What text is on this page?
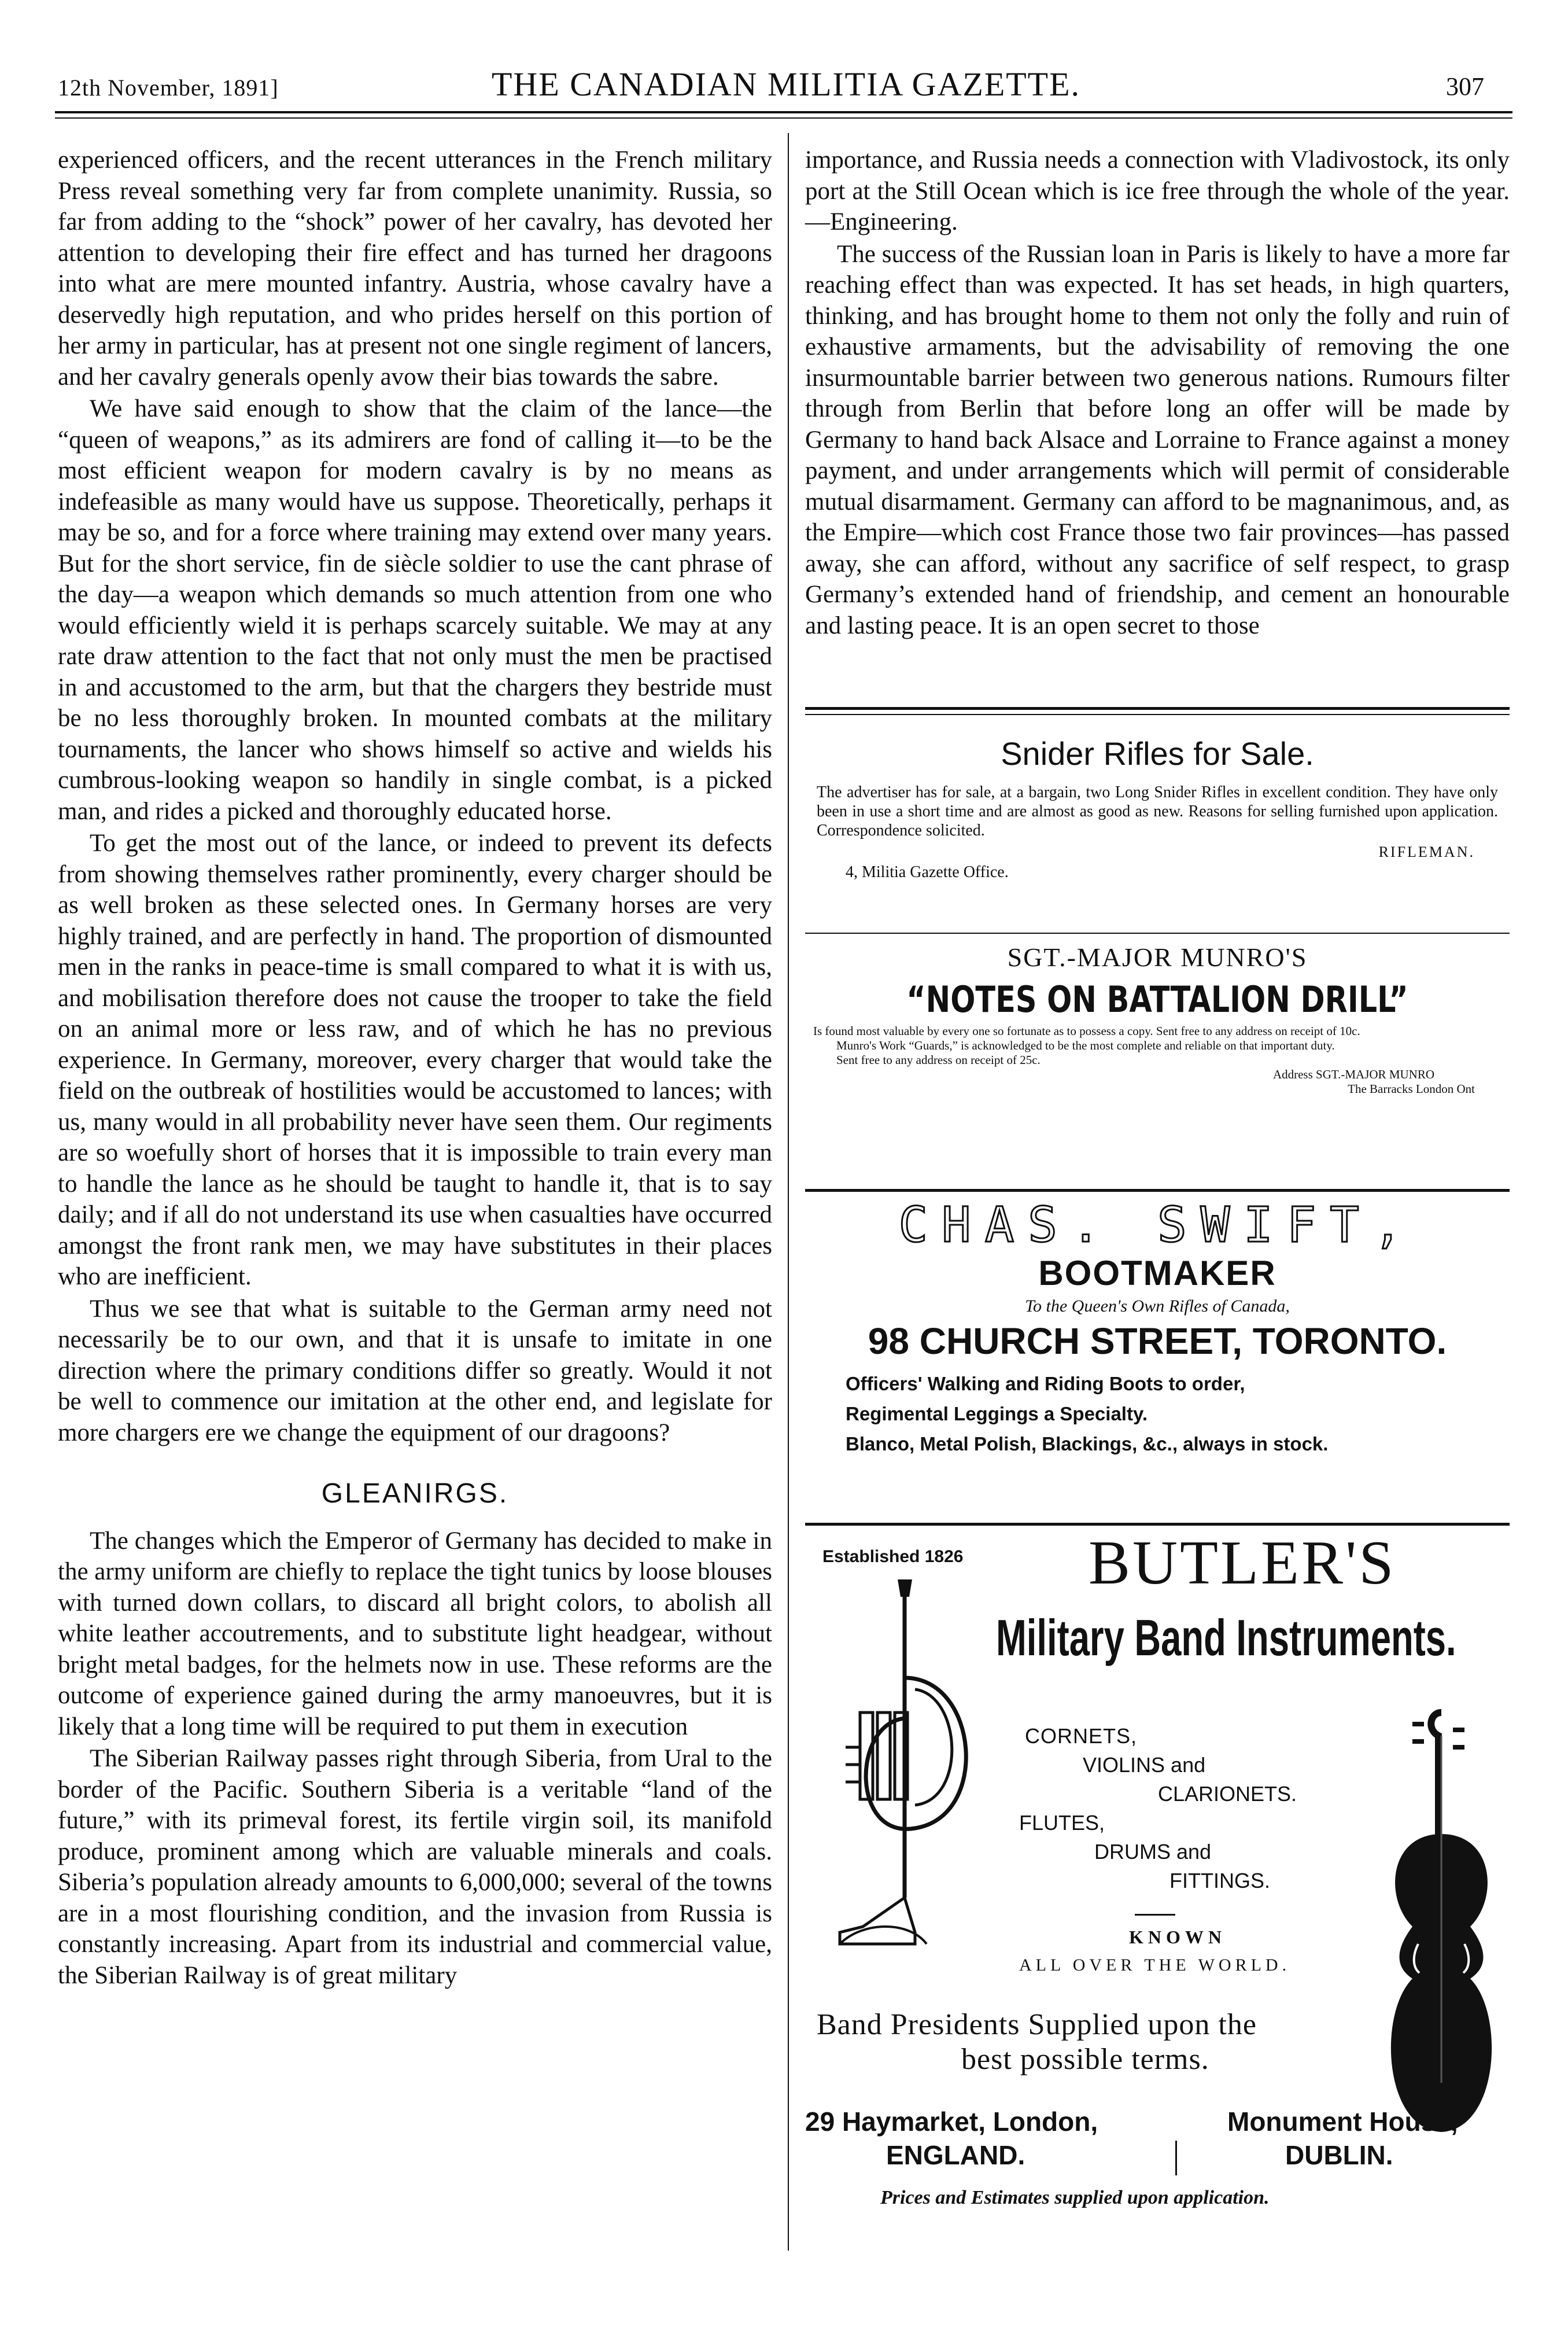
12th November, 1891]	THE CANADIAN MILITIA GAZETTE.	307

experienced officers, and the recent utterances in the French military Press reveal something very far from complete unanimity. Russia, so far from adding to the “shock” power of her cavalry, has devoted her attention to developing their fire effect and has turned her dragoons into what are mere mounted infantry. Austria, whose cavalry have a deservedly high reputation, and who prides herself on this portion of her army in particular, has at present not one single regiment of lancers, and her cavalry generals openly avow their bias towards the sabre.

We have said enough to show that the claim of the lance—the “queen of weapons,” as its admirers are fond of calling it—to be the most efficient weapon for modern cavalry is by no means as indefeasible as many would have us suppose. Theoretically, perhaps it may be so, and for a force where training may extend over many years. But for the short service, fin de siècle soldier to use the cant phrase of the day—a weapon which demands so much attention from one who would efficiently wield it is perhaps scarcely suitable. We may at any rate draw attention to the fact that not only must the men be practised in and accustomed to the arm, but that the chargers they bestride must be no less thoroughly broken. In mounted combats at the military tournaments, the lancer who shows himself so active and wields his cumbrous-looking weapon so handily in single combat, is a picked man, and rides a picked and thoroughly educated horse.

To get the most out of the lance, or indeed to prevent its defects from showing themselves rather prominently, every charger should be as well broken as these selected ones. In Germany horses are very highly trained, and are perfectly in hand. The proportion of dismounted men in the ranks in peace-time is small compared to what it is with us, and mobilisation therefore does not cause the trooper to take the field on an animal more or less raw, and of which he has no previous experience. In Germany, moreover, every charger that would take the field on the outbreak of hostilities would be accustomed to lances; with us, many would in all probability never have seen them. Our regiments are so woefully short of horses that it is impossible to train every man to handle the lance as he should be taught to handle it, that is to say daily; and if all do not understand its use when casualties have occurred amongst the front rank men, we may have substitutes in their places who are inefficient.

Thus we see that what is suitable to the German army need not necessarily be to our own, and that it is unsafe to imitate in one direction where the primary conditions differ so greatly. Would it not be well to commence our imitation at the other end, and legislate for more chargers ere we change the equipment of our dragoons?

GLEANIRGS.

The changes which the Emperor of Germany has decided to make in the army uniform are chiefly to replace the tight tunics by loose blouses with turned down collars, to discard all bright colors, to abolish all white leather accoutrements, and to substitute light headgear, without bright metal badges, for the helmets now in use. These reforms are the outcome of experience gained during the army manoeuvres, but it is likely that a long time will be required to put them in execution

The Siberian Railway passes right through Siberia, from Ural to the border of the Pacific. Southern Siberia is a veritable “land of the future,” with its primeval forest, its fertile virgin soil, its manifold produce, prominent among which are valuable minerals and coals. Siberia’s population already amounts to 6,000,000; several of the towns are in a most flourishing condition, and the invasion from Russia is constantly increasing. Apart from its industrial and commercial value, the Siberian Railway is of great military

importance, and Russia needs a connection with Vladivostock, its only port at the Still Ocean which is ice free through the whole of the year.—Engineering.

The success of the Russian loan in Paris is likely to have a more far reaching effect than was expected. It has set heads, in high quarters, thinking, and has brought home to them not only the folly and ruin of exhaustive armaments, but the advisability of removing the one insurmountable barrier between two generous nations. Rumours filter through from Berlin that before long an offer will be made by Germany to hand back Alsace and Lorraine to France against a money payment, and under arrangements which will permit of considerable mutual disarmament. Germany can afford to be magnanimous, and, as the Empire—which cost France those two fair provinces—has passed away, she can afford, without any sacrifice of self respect, to grasp Germany’s extended hand of friendship, and cement an honourable and lasting peace. It is an open secret to those

Snider Rifles for Sale.
The advertiser has for sale, at a bargain, two Long Snider Rifles in excellent condition. They have only been in use a short time and are almost as good as new. Reasons for selling furnished upon application. Correspondence solicited.
RIFLEMAN.
4, Militia Gazette Office.
SGT.-MAJOR MUNRO'S
“NOTES ON BATTALION DRILL”
Is found most valuable by every one so fortunate as to possess a copy. Sent free to any address on receipt of 10c.
Munro's Work “Guards,” is acknowledged to be the most complete and reliable on that important duty.
Sent free to any address on receipt of 25c.
Address SGT.-MAJOR MUNRO
The Barracks London Ont
CHAS. SWIFT,
BOOTMAKER
To the Queen's Own Rifles of Canada,
98 CHURCH STREET, TORONTO.
Officers' Walking and Riding Boots to order,
Regimental Leggings a Specialty.
Blanco, Metal Polish, Blackings, &c., always in stock.
Established 1826 BUTLER'S
Military Band Instruments.
CORNETS,
VIOLINS and
CLARIONETS.
FLUTES,
DRUMS and
FITTINGS.
KNOWN
ALL OVER THE WORLD.
Band Presidents Supplied upon the
best possible terms.
29 Haymarket, London,
ENGLAND.
Monument House,
DUBLIN.
Prices and Estimates supplied upon application.
